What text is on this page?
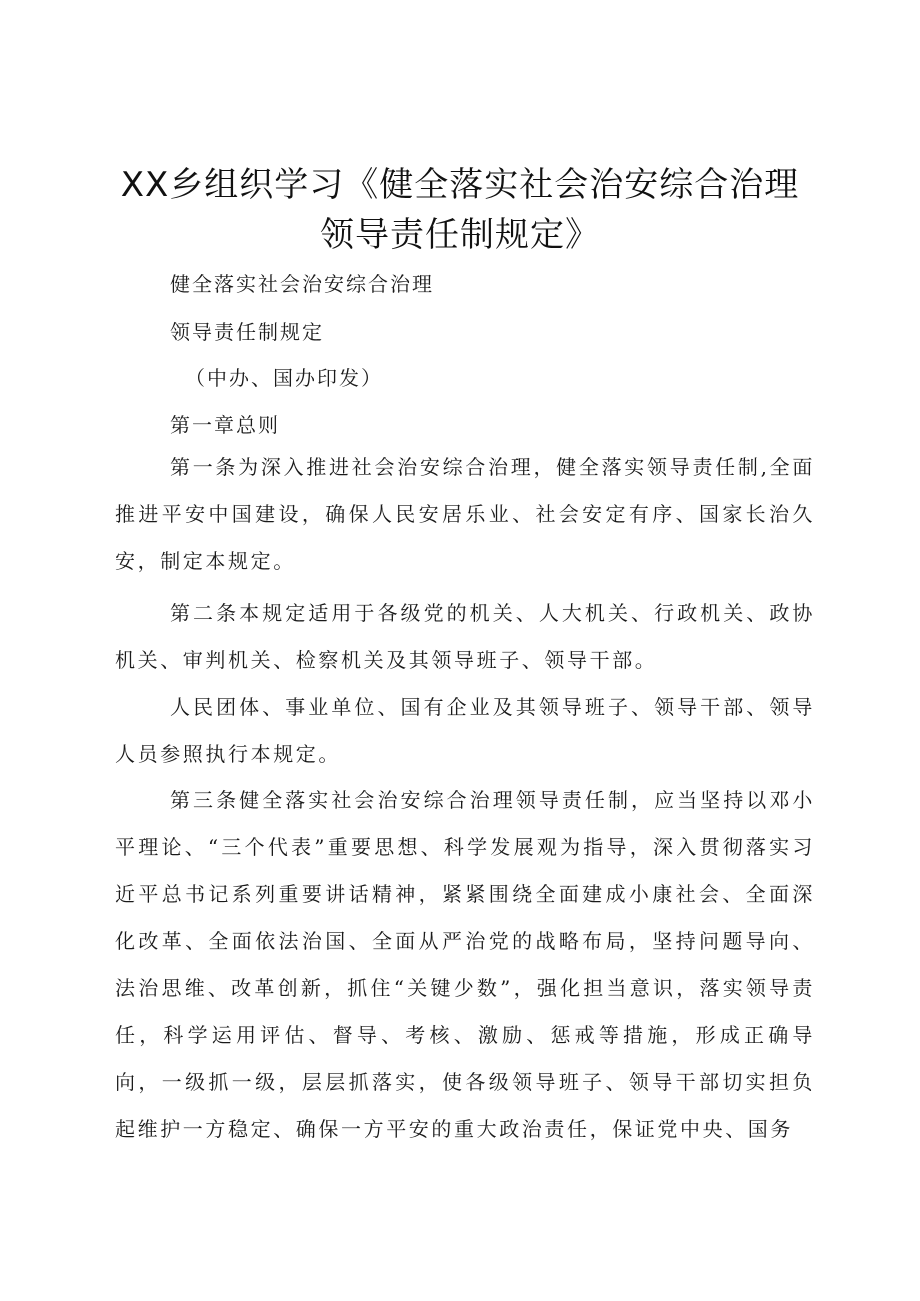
XX乡组织学习《健全落实社会治安综合治理
领导责任制规定》

健全落实社会治安综合治理

领导责任制规定

（中办、国办印发）

第一章总则

第一条为深入推进社会治安综合治理，健全落实领导责任制,全面推进平安中国建设，确保人民安居乐业、社会安定有序、国家长治久安，制定本规定。

第二条本规定适用于各级党的机关、人大机关、行政机关、政协机关、审判机关、检察机关及其领导班子、领导干部。

人民团体、事业单位、国有企业及其领导班子、领导干部、领导人员参照执行本规定。

第三条健全落实社会治安综合治理领导责任制，应当坚持以邓小平理论、“三个代表”重要思想、科学发展观为指导，深入贯彻落实习近平总书记系列重要讲话精神，紧紧围绕全面建成小康社会、全面深化改革、全面依法治国、全面从严治党的战略布局，坚持问题导向、法治思维、改革创新，抓住“关键少数”，强化担当意识，落实领导责任，科学运用评估、督导、考核、激励、惩戒等措施，形成正确导向，一级抓一级，层层抓落实，使各级领导班子、领导干部切实担负起维护一方稳定、确保一方平安的重大政治责任，保证党中央、国务
